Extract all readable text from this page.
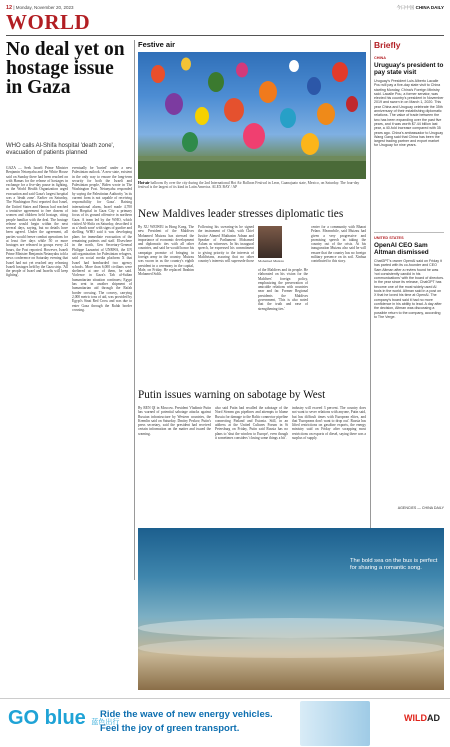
12 | Monday, November 20, 2023	今日中国 CHINA DAILY
WORLD
No deal yet on hostage issue in Gaza
WHO calls Al-Shifa hospital 'death zone', evacuation of patients planned
GAZA — Seek Israeli Prime Minister Benjamin Netanyahu and the White House said on Sunday there had been reached on with Hamas for the release of hostages in exchange for a five-day pause in fighting, as the World Health Organization urged evacuation and said Gaza's largest hospital was a 'death zone'. Earlier on Saturday, The Washington Post reported that Israel, the United States and Hamas had reached a tentative agreement to free dozens of women and children held hostage, citing people familiar with the deal. The hostage release would begin within the next several days, saying, but no details have been agreed. Under the agreement, all parties would freeze combat operations for at least five days while 50 or more hostages are released in groups every 24 hours, the Post reported. However, Israeli Prime Minister Benjamin Netanyahu told a news conference on Saturday evening that Israel had not yet reached any releasing Israeli hostages held by the Gaza strip. 'All the people of Israel and Israelis will keep fighting'.
eventually be 'buried' under a new Palestinian outlook. 'A new state, existent in the only way to ensure the long-term security for both the Israeli and Palestinian people,' Biden wrote in The Washington Post. Netanyahu responded by saying the Palestinian Authority 'in its current form is not capable of receiving responsibility for Gaza'. Raising international alarm, Israel made 4,700 into Hospital in Gaza City a primary focus of its ground offensive in northern Gaza. A team led by the WHO, which visited Al-Shifa on Saturday, described it as a 'death zone' with signs of gunfire and shelling. WHO said it was developing plans for immediate evacuation of the remaining patients and staff. Elsewhere in the north, Gen Secretary-General Philippe Lazzarini of UNRWA, the UN aid organization for Palestinian refugees, said on social media platform X that Israel had bombarded two agency schools. More than 6,000 civilians were sheltered at one of them, he said. Violence in Gaza's Tab al-Sultan humanitarian situation continues; Egypt has sent in another shipment of humanitarian aid through the Rafah border crossing. The convoy, carrying 2,000 metric tons of aid, was provided by Egypt's Sinai Red Cross and was due to enter Gaza through the Rafah border crossing.
Festive air
Hot-air balloons fly over the city during the 2nd International Hot Air Balloon Festival in Leon, Guanajuato state, Mexico, on Saturday. The four-day festival is the largest of its kind in Latin America. ALEX BAY / AP
New Maldives leader stresses diplomatic ties
By XU WEIWEI in Hong Kong. The new President of the Maldives Mohamed Muizzu has stressed the importance of economic development and diplomatic ties with all other countries, and said he would honor his campaign promise of bringing in foreign army in the country. Muizzu was sworn in as the country's eighth president in a ceremony in the capital, Male, on Friday. He replaced Ibrahim Mohamed Solih.
Following his swearing-in he signed the instrument of Oath, with Chief Justice Ahmed Muthasim Adnan and Speaker of Parliament Mohamed Aslam as witnesses. In his inaugural speech, he expressed his commitment to giving priority to the interests of Maldivians, assuring that no other country's interests will supersede those Mohamed Muizzu
of the Maldives and its people. He elaborated on his vision for the Maldives' foreign policy, emphasizing the preservation of amicable relations with countries near and far. Former Regional presidents the Maldives government, 'This is also noted that the truth and ease of strengthening ties.'
center for a community with Bharat Pelaro. Meanwhile, said Muizzu had given a very progressive and promising speech in taking the country out of the crisis. At his inauguration Muizzu also said he will ensure that the country has no foreign military presence on its soil. Xinhua contributed to this story.
Putin issues warning on sabotage by West
By REN QI in Moscow. President Vladimir Putin has warned of potential sabotage attacks against Russian infrastructure by Western countries, the Kremlin said on Saturday. Dmitry Peskov, Putin's press secretary, said the president had received certain information on the matter and issued the warning.
also said Putin had recalled the sabotage of the Nord Stream gas pipelines and attempts to blame Russia for damage to the Baltic connector pipeline connecting Finland and Estonia. Still, in an address at the United Cultures Forum in St Petersburg on Friday, Putin said Russia has no plans to 'shut the window to Europe', even though it sometimes considers 'closing some things a bit'.
industry will exceed 3 percent. The country does not want to sever relations with anyone, Putin said, but has difficult times with European elites, and that 'Europeans don't want to drop out'. Russia has lifted restrictions on gasoline exports, the energy ministry said on Friday after scrapping most restrictions on exports of diesel, saying there was a surplus of supply.
Briefly
CHINA
Uruguay's president to pay state visit
Uruguay's President Luis Alberto Lacalle Pou will pay a five-day state visit to China starting Monday, China's Foreign Ministry said. Lacalle Pou, a former senator, was elected his country's president in November 2019 and sworn in on March 1, 2020. This year China and Uruguay celebrate the 35th anniversary of their establishing diplomatic relations. The value of trade between the two has been expanding over the past five years, and it was worth $7.44 billion last year, a 40-fold increase compared with 35 years ago. China's ambassador to Uruguay Wang Gang said that China has been the largest trading partner and export market for Uruguay for nine years.
UNITED STATES
OpenAI CEO Sam Altman dismissed
ChatGPT's owner OpenAI said on Friday it has parted with its co-founder and CEO Sam Altman after a review found he was 'not consistently candid in his communications' with the board of directors. In the year since its release, ChatGPT has become one of the most widely used AI tools in the world. Altman said in a post on X that he loved his time at OpenAI. The company's board said it had no more confidence in his ability to lead. A day after the decision, Altman was discussing a possible return to the company, according to The Verge.
AGENCIES — CHINA DAILY
The bold sea on the bus is perfect
for sharing a romantic song.
GO blue 蓝色出行
Ride the wave of new energy vehicles.
Feel the joy of green transport.
WILDAD
